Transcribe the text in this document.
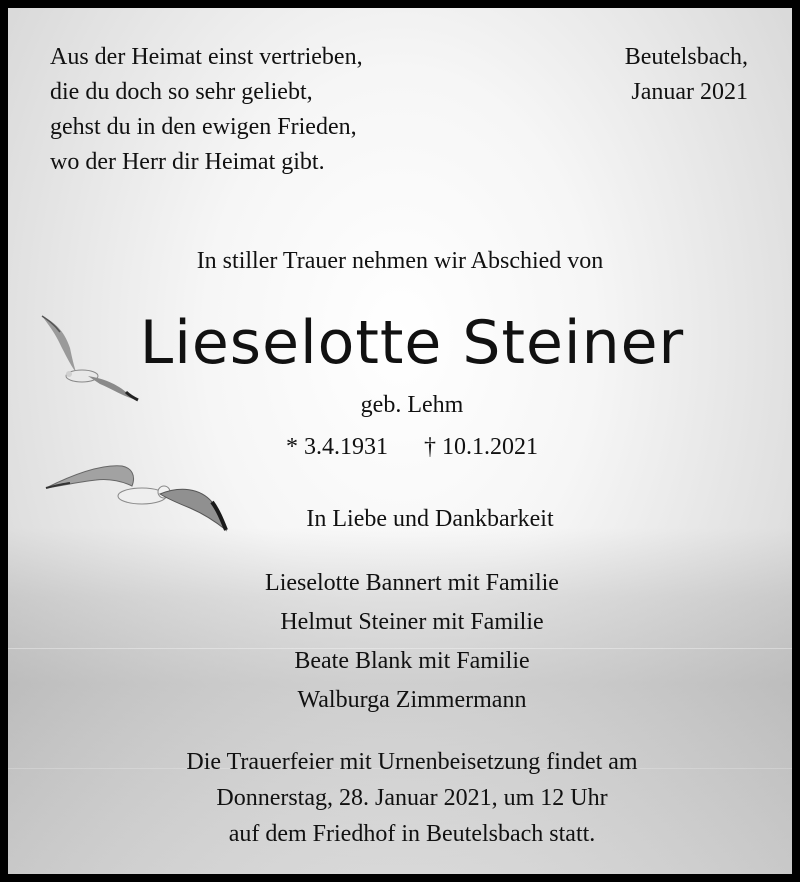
Aus der Heimat einst vertrieben,
die du doch so sehr geliebt,
gehst du in den ewigen Frieden,
wo der Herr dir Heimat gibt.
Beutelsbach,
Januar 2021
In stiller Trauer nehmen wir Abschied von
Lieselotte Steiner
geb. Lehm
* 3.4.1931 † 10.1.2021
In Liebe und Dankbarkeit
Lieselotte Bannert mit Familie
Helmut Steiner mit Familie
Beate Blank mit Familie
Walburga Zimmermann
Die Trauerfeier mit Urnenbeisetzung findet am
Donnerstag, 28. Januar 2021, um 12 Uhr
auf dem Friedhof in Beutelsbach statt.
